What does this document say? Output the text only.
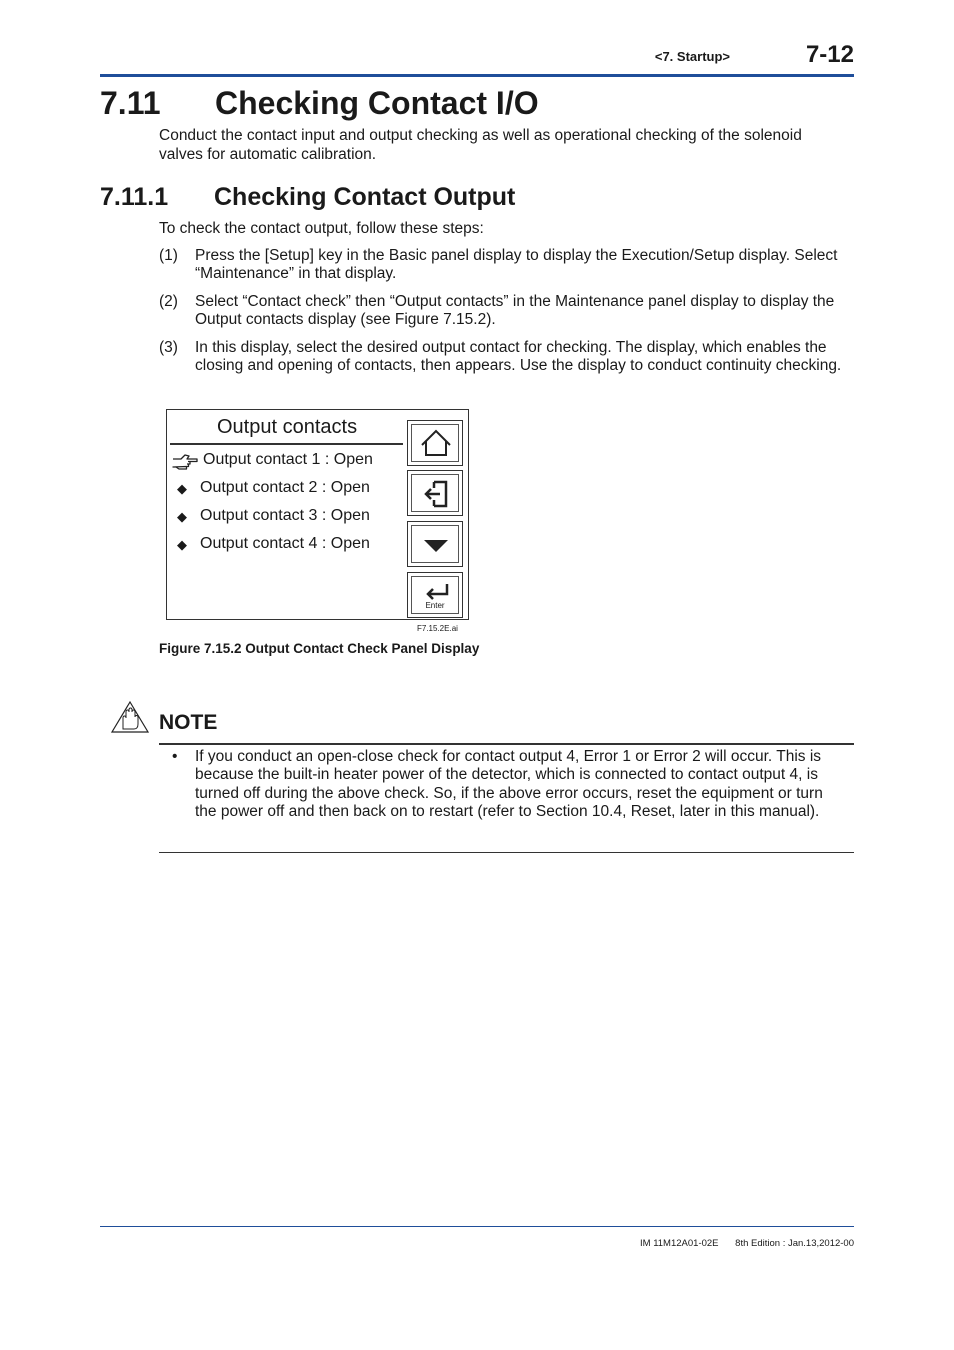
<7. Startup>	7-12
7.11 Checking Contact I/O
Conduct the contact input and output checking as well as operational checking of the solenoid valves for automatic calibration.
7.11.1 Checking Contact Output
To check the contact output, follow these steps:
(1) Press the [Setup] key in the Basic panel display to display the Execution/Setup display. Select “Maintenance” in that display.
(2) Select “Contact check” then “Output contacts” in the Maintenance panel display to display the Output contacts display (see Figure 7.15.2).
(3) In this display, select the desired output contact for checking. The display, which enables the closing and opening of contacts, then appears. Use the display to conduct continuity checking.
Output contacts
Output contact 1 : Open
◆ Output contact 2 : Open
◆ Output contact 3 : Open
◆ Output contact 4 : Open
Enter
F7.15.2E.ai
Figure 7.15.2 Output Contact Check Panel Display
NOTE
• If you conduct an open-close check for contact output 4, Error 1 or Error 2 will occur. This is because the built-in heater power of the detector, which is connected to contact output 4, is turned off during the above check. So, if the above error occurs, reset the equipment or turn the power off and then back on to restart (refer to Section 10.4, Reset, later in this manual).
IM 11M12A01-02E 8th Edition : Jan.13,2012-00
